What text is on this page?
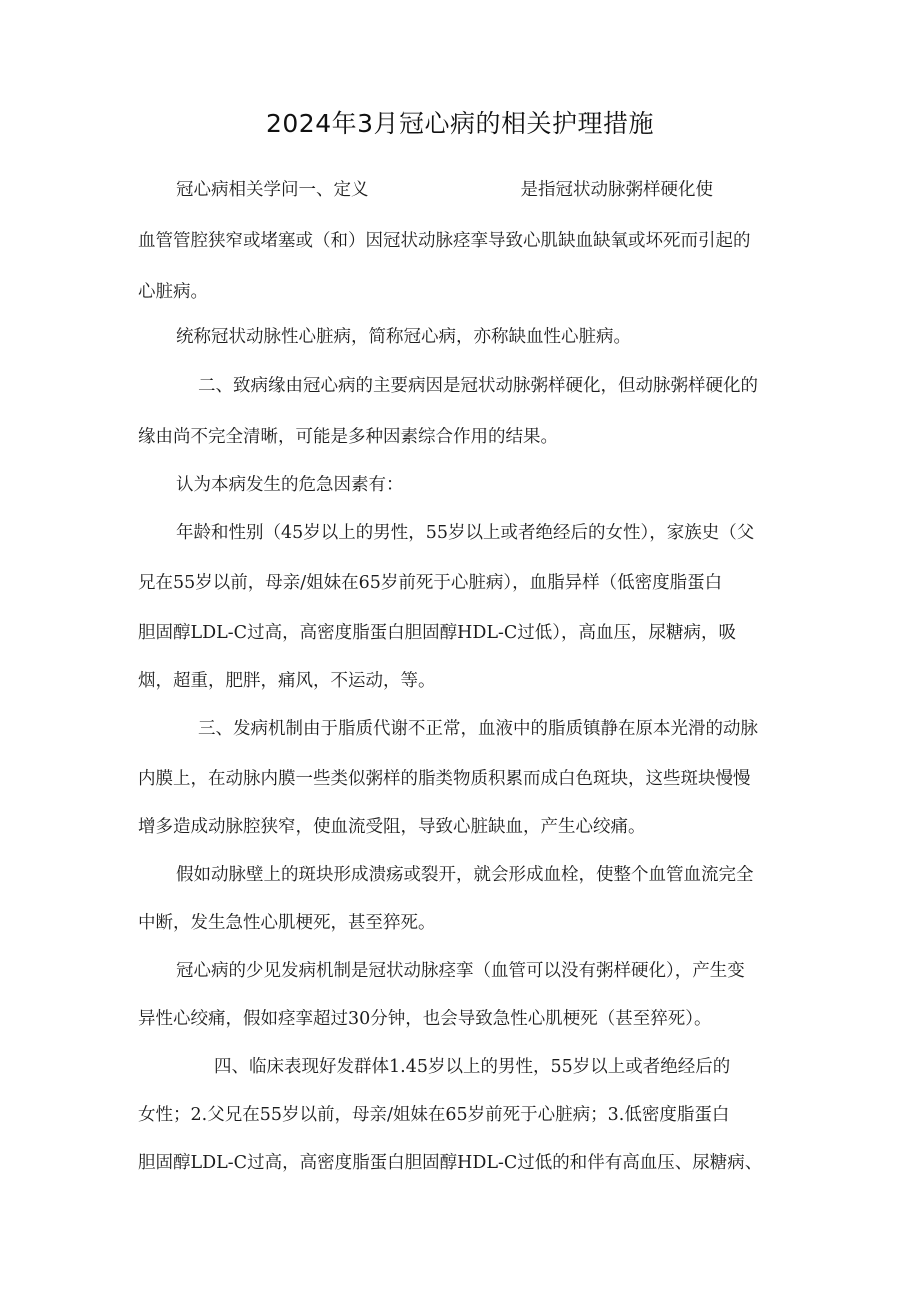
2024年3月冠心病的相关护理措施
冠心病相关学问一、定义	是指冠状动脉粥样硬化使
血管管腔狭窄或堵塞或（和）因冠状动脉痉挛导致心肌缺血缺氧或坏死而引起的
心脏病。
统称冠状动脉性心脏病，简称冠心病，亦称缺血性心脏病。
二、致病缘由冠心病的主要病因是冠状动脉粥样硬化，但动脉粥样硬化的
缘由尚不完全清晰，可能是多种因素综合作用的结果。
认为本病发生的危急因素有：
年龄和性别（45岁以上的男性，55岁以上或者绝经后的女性），家族史（父
兄在55岁以前，母亲/姐妹在65岁前死于心脏病），血脂异样（低密度脂蛋白
胆固醇LDL-C过高，高密度脂蛋白胆固醇HDL-C过低），高血压，尿糖病，吸
烟，超重，肥胖，痛风，不运动，等。
三、发病机制由于脂质代谢不正常，血液中的脂质镇静在原本光滑的动脉
内膜上，在动脉内膜一些类似粥样的脂类物质积累而成白色斑块，这些斑块慢慢
增多造成动脉腔狭窄，使血流受阻，导致心脏缺血，产生心绞痛。
假如动脉壁上的斑块形成溃疡或裂开，就会形成血栓，使整个血管血流完全
中断，发生急性心肌梗死，甚至猝死。
冠心病的少见发病机制是冠状动脉痉挛（血管可以没有粥样硬化），产生变
异性心绞痛，假如痉挛超过30分钟，也会导致急性心肌梗死（甚至猝死）。
四、临床表现好发群体1.45岁以上的男性，55岁以上或者绝经后的
女性；2.父兄在55岁以前，母亲/姐妹在65岁前死于心脏病；3.低密度脂蛋白
胆固醇LDL-C过高，高密度脂蛋白胆固醇HDL-C过低的和伴有高血压、尿糖病、
